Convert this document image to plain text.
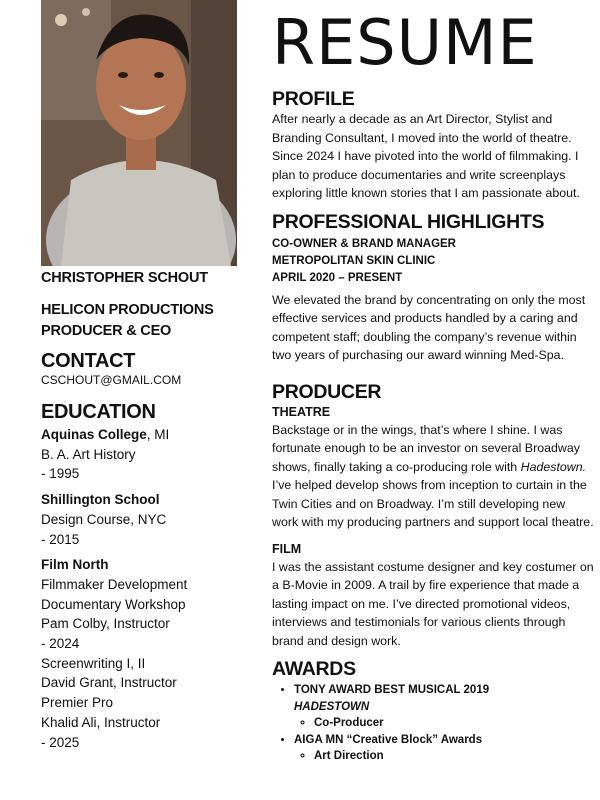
CHRISTOPHER SCHOUT
HELICON PRODUCTIONS
PRODUCER & CEO
CONTACT
CSCHOUT@GMAIL.COM
EDUCATION
Aquinas College, MI
B. A. Art History
- 1995
Shillington School
Design Course, NYC
- 2015
Film North
Filmmaker Development
Documentary Workshop
Pam Colby, Instructor
- 2024
Screenwriting I, II
David Grant, Instructor
Premier Pro
Khalid Ali, Instructor
- 2025
RESUME
PROFILE
After nearly a decade as an Art Director, Stylist and Branding Consultant, I moved into the world of theatre. Since 2024 I have pivoted into the world of filmmaking. I plan to produce documentaries and write screenplays exploring little known stories that I am passionate about.
PROFESSIONAL HIGHLIGHTS
CO-OWNER & BRAND MANAGER
METROPOLITAN SKIN CLINIC
APRIL 2020 – PRESENT
We elevated the brand by concentrating on only the most effective services and products handled by a caring and competent staff; doubling the company’s revenue within two years of purchasing our award winning Med-Spa.
PRODUCER
THEATRE
Backstage or in the wings, that’s where I shine. I was fortunate enough to be an investor on several Broadway shows, finally taking a co-producing role with Hadestown. I’ve helped develop shows from inception to curtain in the Twin Cities and on Broadway. I’m still developing new work with my producing partners and support local theatre.
FILM
I was the assistant costume designer and key costumer on a B-Movie in 2009. A trail by fire experience that made a lasting impact on me. I’ve directed promotional videos, interviews and testimonials for various clients through brand and design work.
AWARDS
• TONY AWARD BEST MUSICAL 2019
HADESTOWN
◦ Co-Producer
• AIGA MN “Creative Block” Awards
◦ Art Direction
